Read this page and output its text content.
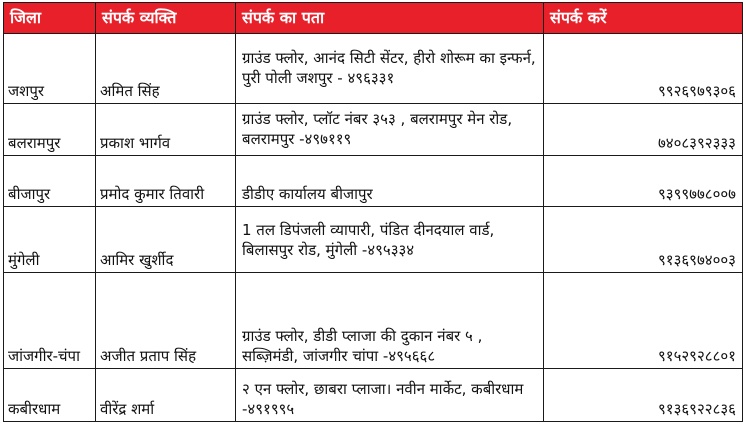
जिला	संपर्क व्यक्ति	संपर्क का पता	संपर्क करें
जशपुर	अमित सिंह	ग्राउंड फ्लोर, आनंद सिटी सेंटर, हीरो शोरूम का इन्फर्न, पुरी पोली जशपुर - ४९६३३१	९९२६९७९३०६
बलरामपुर	प्रकाश भार्गव	ग्राउंड फ्लोर, प्लॉट नंबर ३५३ , बलरामपुर मेन रोड, बलरामपुर -४९७११९	७४०८३९२३३३
बीजापुर	प्रमोद कुमार तिवारी	डीडीए कार्यालय बीजापुर	९३९९७७८००७
मुंगेली	आमिर खुर्शीद	1 तल डिपंजली व्यापारी, पंडित दीनदयाल वार्ड, बिलासपुर रोड, मुंगेली -४९५३३४	९१३६९७४००३
जांजगीर-चंपा	अजीत प्रताप सिंह	ग्राउंड फ्लोर, डीडी प्लाजा की दुकान नंबर ५ , सब्ज़िमंडी, जांजगीर चांपा -४९५६६८	९१५२९२८८०१
कबीरधाम	वीरेंद्र शर्मा	२ एन फ्लोर, छाबरा प्लाजा। नवीन मार्केट, कबीरधाम -४९१९९५	९१३६९२२८३६
